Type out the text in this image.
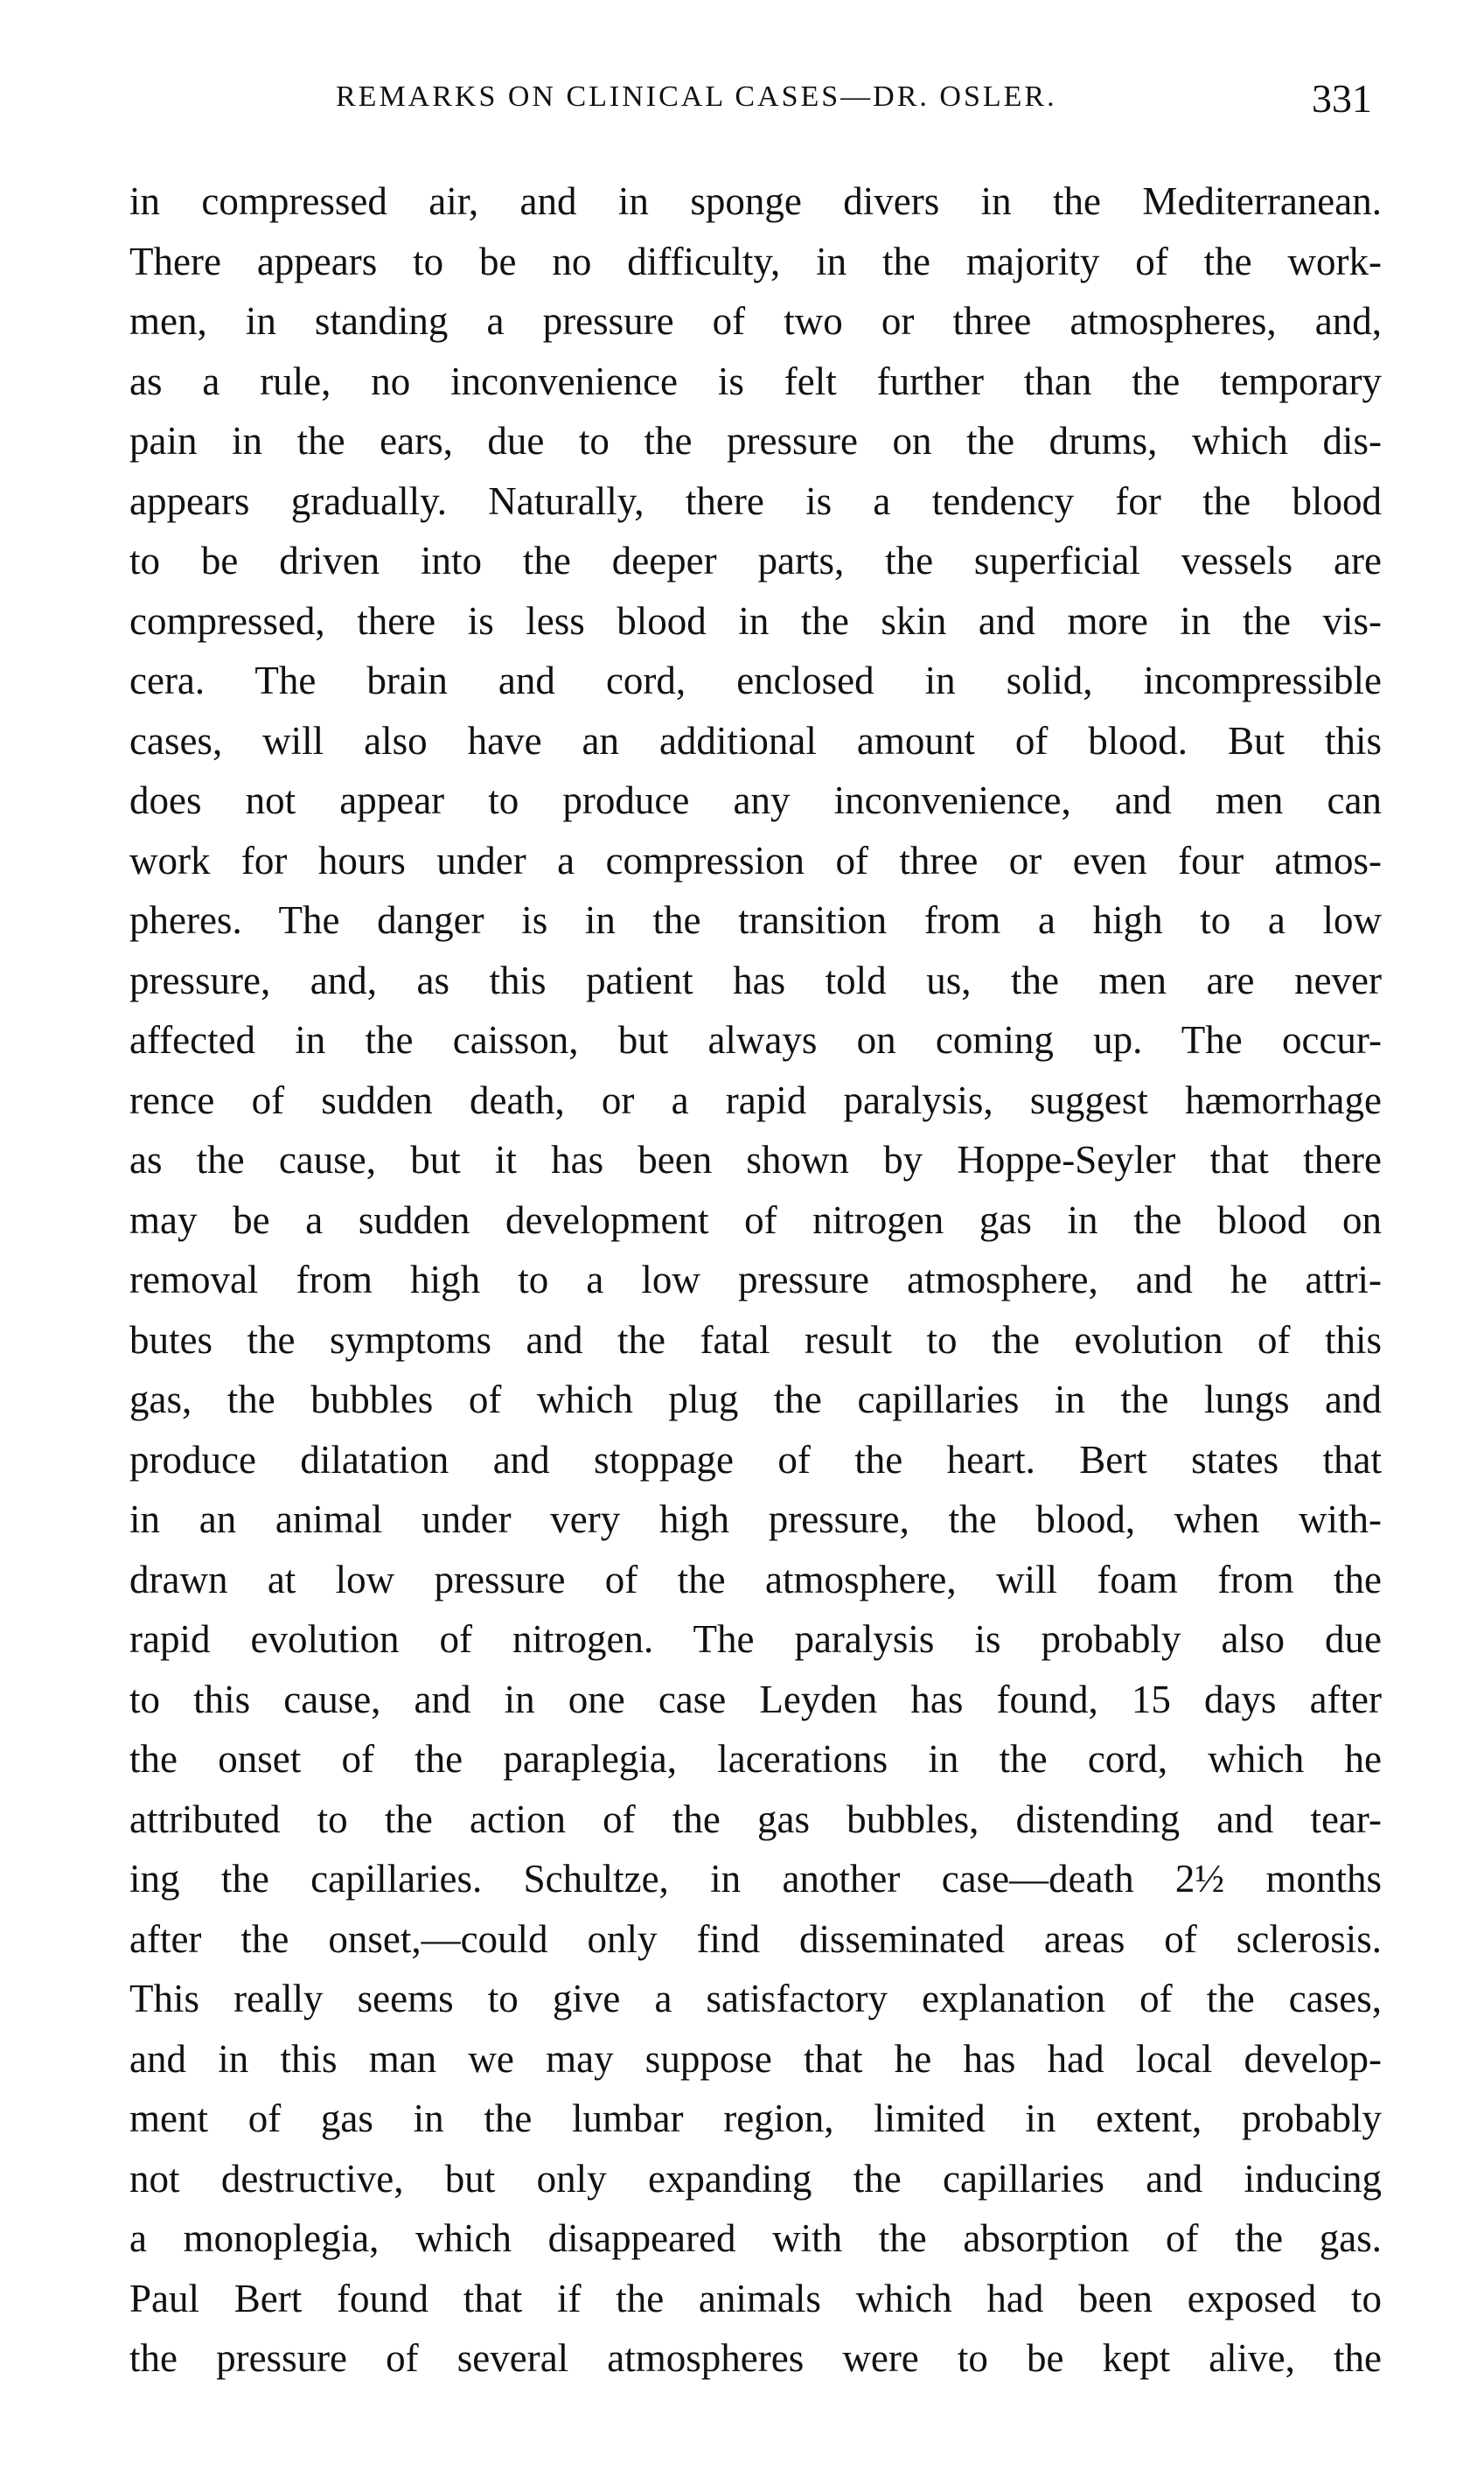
REMARKS ON CLINICAL CASES—DR. OSLER.	331
in compressed air, and in sponge divers in the Mediterranean.
There appears to be no difficulty, in the majority of the work-
men, in standing a pressure of two or three atmospheres, and,
as a rule, no inconvenience is felt further than the temporary
pain in the ears, due to the pressure on the drums, which dis-
appears gradually. Naturally, there is a tendency for the blood
to be driven into the deeper parts, the superficial vessels are
compressed, there is less blood in the skin and more in the vis-
cera. The brain and cord, enclosed in solid, incompressible
cases, will also have an additional amount of blood. But this
does not appear to produce any inconvenience, and men can
work for hours under a compression of three or even four atmos-
pheres. The danger is in the transition from a high to a low
pressure, and, as this patient has told us, the men are never
affected in the caisson, but always on coming up. The occur-
rence of sudden death, or a rapid paralysis, suggest hæmorrhage
as the cause, but it has been shown by Hoppe-Seyler that there
may be a sudden development of nitrogen gas in the blood on
removal from high to a low pressure atmosphere, and he attri-
butes the symptoms and the fatal result to the evolution of this
gas, the bubbles of which plug the capillaries in the lungs and
produce dilatation and stoppage of the heart. Bert states that
in an animal under very high pressure, the blood, when with-
drawn at low pressure of the atmosphere, will foam from the
rapid evolution of nitrogen. The paralysis is probably also due
to this cause, and in one case Leyden has found, 15 days after
the onset of the paraplegia, lacerations in the cord, which he
attributed to the action of the gas bubbles, distending and tear-
ing the capillaries. Schultze, in another case—death 2½ months
after the onset,—could only find disseminated areas of sclerosis.
This really seems to give a satisfactory explanation of the cases,
and in this man we may suppose that he has had local develop-
ment of gas in the lumbar region, limited in extent, probably
not destructive, but only expanding the capillaries and inducing
a monoplegia, which disappeared with the absorption of the gas.
Paul Bert found that if the animals which had been exposed to
the pressure of several atmospheres were to be kept alive, the
